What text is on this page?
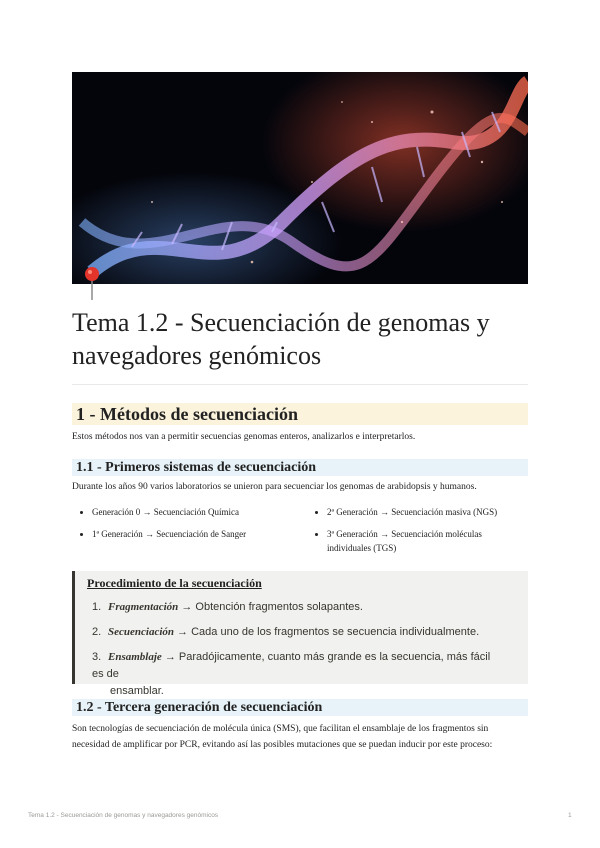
Tema 1.2 - Secuenciación de genomas y navegadores genómicos
1 - Métodos de secuenciación

Estos métodos nos van a permitir secuencias genomas enteros, analizarlos e interpretarlos.

1.1 - Primeros sistemas de secuenciación

Durante los años 90 varios laboratorios se unieron para secuenciar los genomas de arabidopsis y humanos.

Generación 0 → Secuenciación Química
1ª Generación → Secuenciación de Sanger
2ª Generación → Secuenciación masiva (NGS)
3ª Generación → Secuenciación moléculas individuales (TGS)
Procedimiento de la secuenciación
1. Fragmentación → Obtención fragmentos solapantes.
2. Secuenciación → Cada uno de los fragmentos se secuencia individualmente.
3. Ensamblaje → Paradójicamente, cuanto más grande es la secuencia, más fácil es de
ensamblar.
1.2 - Tercera generación de secuenciación

Son tecnologías de secuenciación de molécula única (SMS), que facilitan el ensamblaje de los fragmentos sin

necesidad de amplificar por PCR, evitando así las posibles mutaciones que se puedan inducir por este proceso:

Tema 1.2 - Secuenciación de genomas y navegadores genómicos	1
